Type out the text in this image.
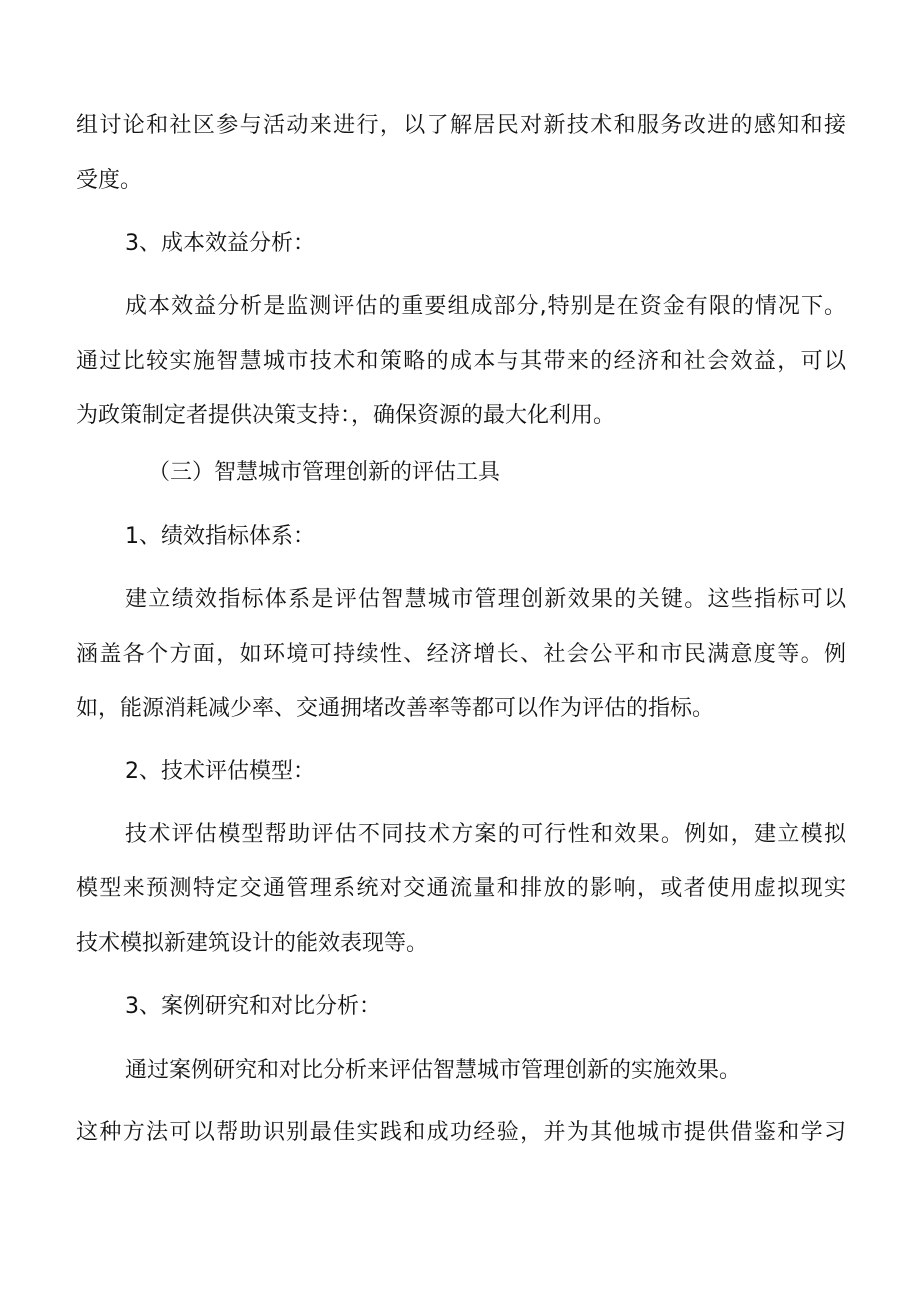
组讨论和社区参与活动来进行，以了解居民对新技术和服务改进的感知和接
受度。
3、成本效益分析：
成本效益分析是监测评估的重要组成部分,特别是在资金有限的情况下。
通过比较实施智慧城市技术和策略的成本与其带来的经济和社会效益，可以
为政策制定者提供决策支持：，确保资源的最大化利用。
（三）智慧城市管理创新的评估工具
1、绩效指标体系：
建立绩效指标体系是评估智慧城市管理创新效果的关键。这些指标可以
涵盖各个方面，如环境可持续性、经济增长、社会公平和市民满意度等。例
如，能源消耗减少率、交通拥堵改善率等都可以作为评估的指标。
2、技术评估模型：
技术评估模型帮助评估不同技术方案的可行性和效果。例如，建立模拟
模型来预测特定交通管理系统对交通流量和排放的影响，或者使用虚拟现实
技术模拟新建筑设计的能效表现等。
3、案例研究和对比分析：
通过案例研究和对比分析来评估智慧城市管理创新的实施效果。
这种方法可以帮助识别最佳实践和成功经验，并为其他城市提供借鉴和学习
